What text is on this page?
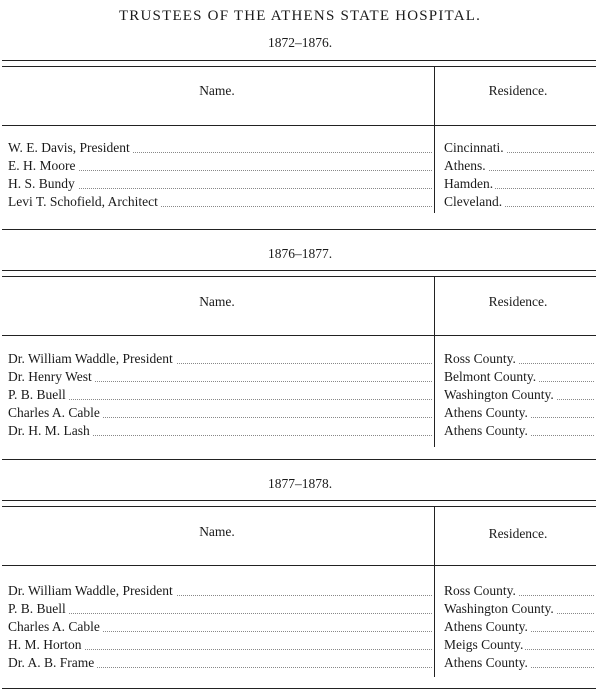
TRUSTEES OF THE ATHENS STATE HOSPITAL.
1872–1876.
Name.	Residence.
W. E. Davis, President	Cincinnati.
E. H. Moore	Athens.
H. S. Bundy	Hamden.
Levi T. Schofield, Architect	Cleveland.
1876–1877.
Name.	Residence.
Dr. William Waddle, President	Ross County.
Dr. Henry West	Belmont County.
P. B. Buell	Washington County.
Charles A. Cable	Athens County.
Dr. H. M. Lash	Athens County.
1877–1878.
Name.	Residence.
Dr. William Waddle, President	Ross County.
P. B. Buell	Washington County.
Charles A. Cable	Athens County.
H. M. Horton	Meigs County.
Dr. A. B. Frame	Athens County.
